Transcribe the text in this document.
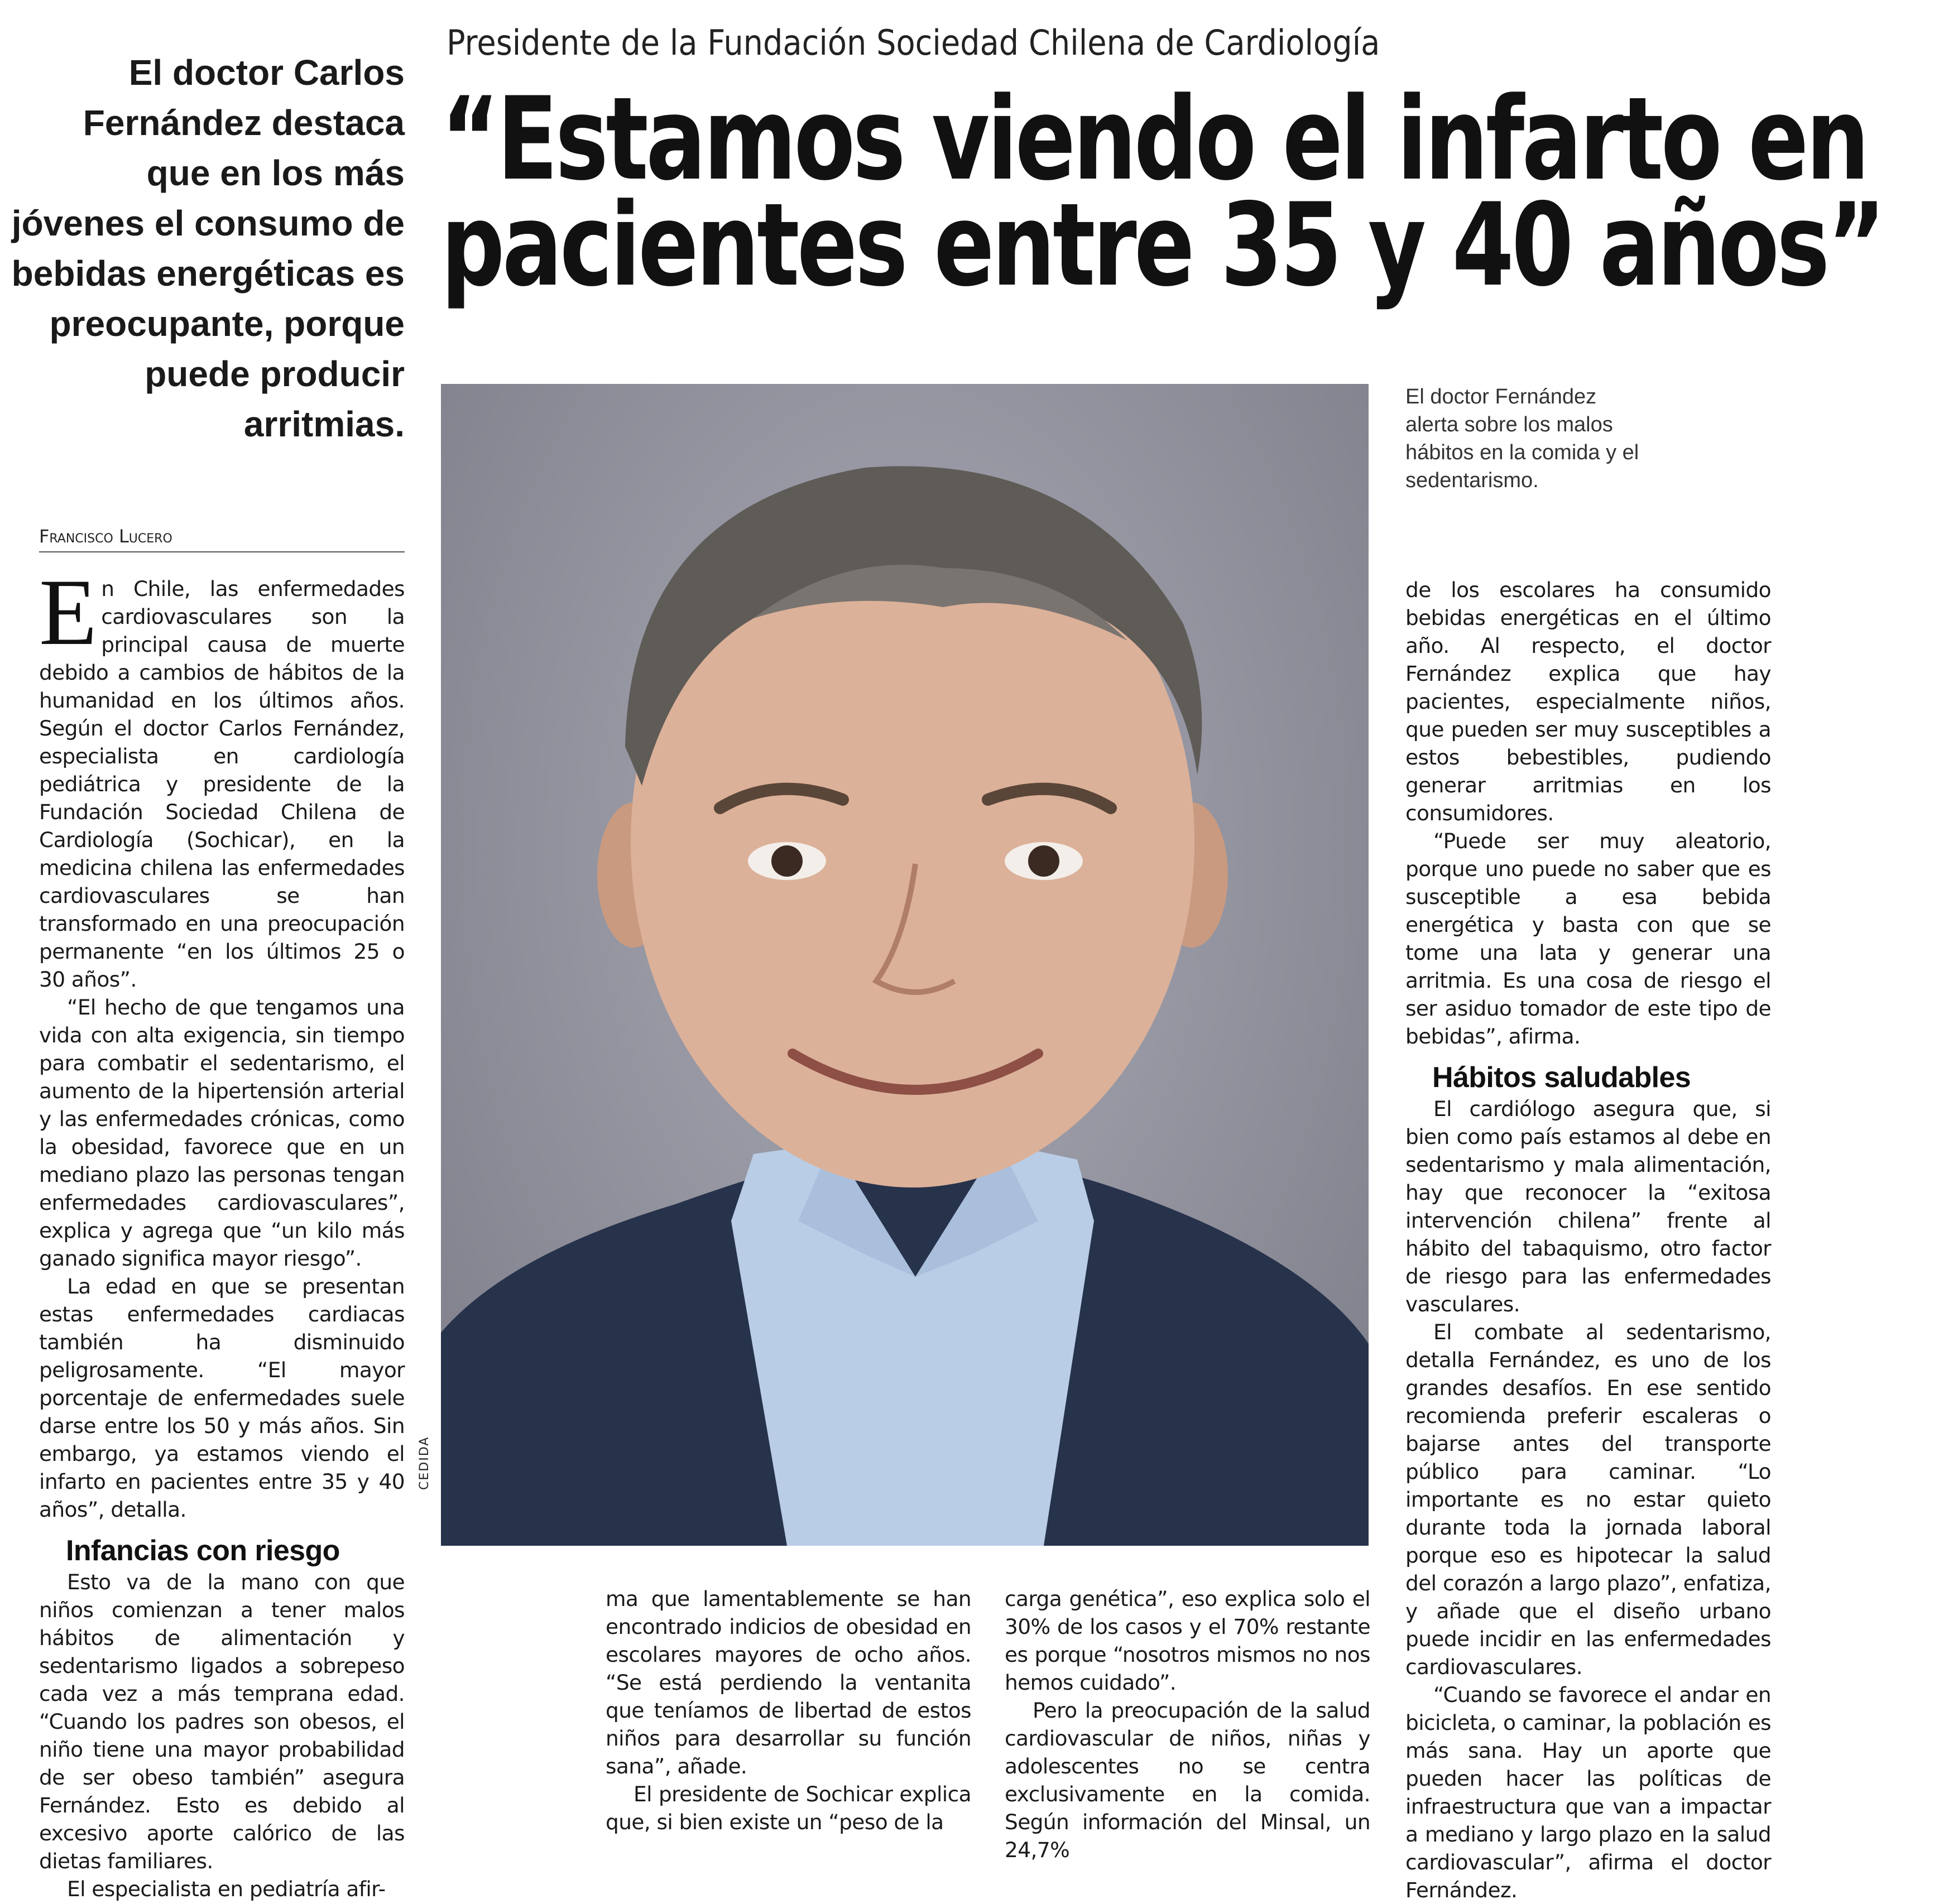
Presidente de la Fundación Sociedad Chilena de Cardiología
“Estamos viendo el infarto en
pacientes entre 35 y 40 años”
El doctor Carlos Fernández destaca que en los más jóvenes el consumo de bebidas energéticas es preocupante, porque puede producir arritmias.
Francisco Lucero

En Chile, las enfermedades cardiovasculares son la principal causa de muerte debido a cambios de hábitos de la humanidad en los últimos años. Según el doctor Carlos Fernández, especialista en cardiología pediátrica y presidente de la Fundación Sociedad Chilena de Cardiología (Sochicar), en la medicina chilena las enfermedades cardiovasculares se han transformado en una preocupación permanente “en los últimos 25 o 30 años”.

“El hecho de que tengamos una vida con alta exigencia, sin tiempo para combatir el sedentarismo, el aumento de la hipertensión arterial y las enfermedades crónicas, como la obesidad, favorece que en un mediano plazo las personas tengan enfermedades cardiovasculares”, explica y agrega que “un kilo más ganado significa mayor riesgo”.

La edad en que se presentan estas enfermedades cardiacas también ha disminuido peligrosamente. “El mayor porcentaje de enfermedades suele darse entre los 50 y más años. Sin embargo, ya estamos viendo el infarto en pacientes entre 35 y 40 años”, detalla.

Infancias con riesgo

Esto va de la mano con que niños comienzan a tener malos hábitos de alimentación y sedentarismo ligados a sobrepeso cada vez a más temprana edad. “Cuando los padres son obesos, el niño tiene una mayor probabilidad de ser obeso también” asegura Fernández. Esto es debido al excesivo aporte calórico de las dietas familiares.

El especialista en pediatría afir-

CEDIDA
El doctor Fernández alerta sobre los malos hábitos en la comida y el sedentarismo.

ma que lamentablemente se han encontrado indicios de obesidad en escolares mayores de ocho años. “Se está perdiendo la ventanita que teníamos de libertad de estos niños para desarrollar su función sana”, añade.

El presidente de Sochicar explica que, si bien existe un “peso de la

carga genética”, eso explica solo el 30% de los casos y el 70% restante es porque “nosotros mismos no nos hemos cuidado”.

Pero la preocupación de la salud cardiovascular de niños, niñas y adolescentes no se centra exclusivamente en la comida. Según información del Minsal, un 24,7%

de los escolares ha consumido bebidas energéticas en el último año. Al respecto, el doctor Fernández explica que hay pacientes, especialmente niños, que pueden ser muy susceptibles a estos bebestibles, pudiendo generar arritmias en los consumidores.

“Puede ser muy aleatorio, porque uno puede no saber que es susceptible a esa bebida energética y basta con que se tome una lata y generar una arritmia. Es una cosa de riesgo el ser asiduo tomador de este tipo de bebidas”, afirma.

Hábitos saludables

El cardiólogo asegura que, si bien como país estamos al debe en sedentarismo y mala alimentación, hay que reconocer la “exitosa intervención chilena” frente al hábito del tabaquismo, otro factor de riesgo para las enfermedades vasculares.

El combate al sedentarismo, detalla Fernández, es uno de los grandes desafíos. En ese sentido recomienda preferir escaleras o bajarse antes del transporte público para caminar. “Lo importante es no estar quieto durante toda la jornada laboral porque eso es hipotecar la salud del corazón a largo plazo”, enfatiza, y añade que el diseño urbano puede incidir en las enfermedades cardiovasculares.

“Cuando se favorece el andar en bicicleta, o caminar, la población es más sana. Hay un aporte que pueden hacer las políticas de infraestructura que van a impactar a mediano y largo plazo en la salud cardiovascular”, afirma el doctor Fernández.
